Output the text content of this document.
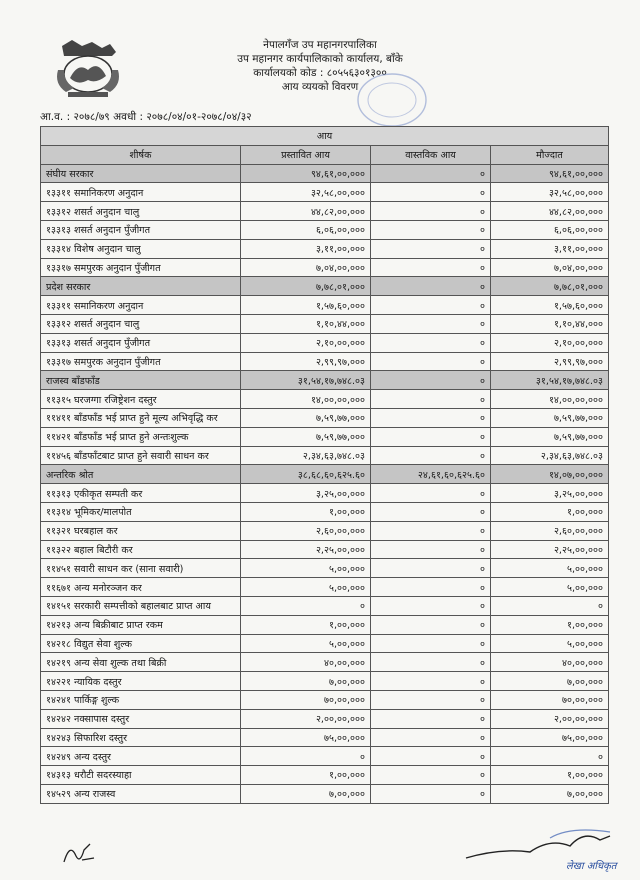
नेपालगँज उप महानगरपालिका
उप महानगर कार्यपालिकाको कार्यालय, बाँके
कार्यालयको कोड : ८०५५६३०१३००
आय व्ययको विवरण
आ.व. : २०७८/७९ अवधी : २०७८/०४/०१-२०७८/०४/३२
आय			
शीर्षक	प्रस्तावित आय	वास्तविक आय	मौज्दात
संघीय सरकार	९४,६१,००,०००	०	९४,६१,००,०००
१३३११ समानिकरण अनुदान	३२,५८,००,०००	०	३२,५८,००,०००
१३३१२ शसर्त अनुदान चालु	४४,८२,००,०००	०	४४,८२,००,०००
१३३१३ शसर्त अनुदान पुँजीगत	६,०६,००,०००	०	६,०६,००,०००
१३३१४ विशेष अनुदान चालु	३,११,००,०००	०	३,११,००,०००
१३३१७ समपुरक अनुदान पुँजीगत	७,०४,००,०००	०	७,०४,००,०००
प्रदेश सरकार	७,७८,०१,०००	०	७,७८,०१,०००
१३३११ समानिकरण अनुदान	१,५७,६०,०००	०	१,५७,६०,०००
१३३१२ शसर्त अनुदान चालु	१,१०,४४,०००	०	१,१०,४४,०००
१३३१३ शसर्त अनुदान पुँजीगत	२,१०,००,०००	०	२,१०,००,०००
१३३१७ समपुरक अनुदान पुँजीगत	२,९९,९७,०००	०	२,९९,९७,०००
राजस्व बाँडफाँड	३१,५४,१७,७४८.०३	०	३१,५४,१७,७४८.०३
११३१५ घरजग्गा रजिष्ट्रेशन दस्तुर	१४,००,००,०००	०	१४,००,००,०००
११४११ बाँडफाँड भई प्राप्त हुने मूल्य अभिवृद्धि कर	७,५९,७७,०००	०	७,५९,७७,०००
११४२१ बाँडफाँड भई प्राप्त हुने अन्तःशुल्क	७,५९,७७,०००	०	७,५९,७७,०००
११४५६ बाँडफाँटबाट प्राप्त हुने सवारी साधन कर	२,३४,६३,७४८.०३	०	२,३४,६३,७४८.०३
अन्तरिक श्रोत	३८,६८,६०,६२५.६०	२४,६१,६०,६२५.६०	१४,०७,००,०००
११३१३ एकीकृत सम्पती कर	३,२५,००,०००	०	३,२५,००,०००
११३१४ भूमिकर/मालपोत	१,००,०००	०	१,००,०००
११३२१ घरबहाल कर	२,६०,००,०००	०	२,६०,००,०००
११३२२ बहाल बिटौरी कर	२,२५,००,०००	०	२,२५,००,०००
११४५१ सवारी साधन कर (साना सवारी)	५,००,०००	०	५,००,०००
११६७१ अन्य मनोरञ्जन कर	५,००,०००	०	५,००,०००
१४१५१ सरकारी सम्पत्तीको बहालबाट प्राप्त आय	०	०	०
१४२१३ अन्य बिक्रीबाट प्राप्त रकम	१,००,०००	०	१,००,०००
१४२१८ विद्युत सेवा शुल्क	५,००,०००	०	५,००,०००
१४२१९ अन्य सेवा शुल्क तथा बिक्री	४०,००,०००	०	४०,००,०००
१४२२१ न्यायिक दस्तुर	७,००,०००	०	७,००,०००
१४२४१ पार्किङ्ग शुल्क	७०,००,०००	०	७०,००,०००
१४२४२ नक्सापास दस्तुर	२,००,००,०००	०	२,००,००,०००
१४२४३ सिफारिश दस्तुर	७५,००,०००	०	७५,००,०००
१४२४९ अन्य दस्तुर	०	०	०
१४३१३ धरौटी सदरस्याहा	१,००,०००	०	१,००,०००
१४५२९ अन्य राजस्व	७,००,०००	०	७,००,०००
लेखा अधिकृत
